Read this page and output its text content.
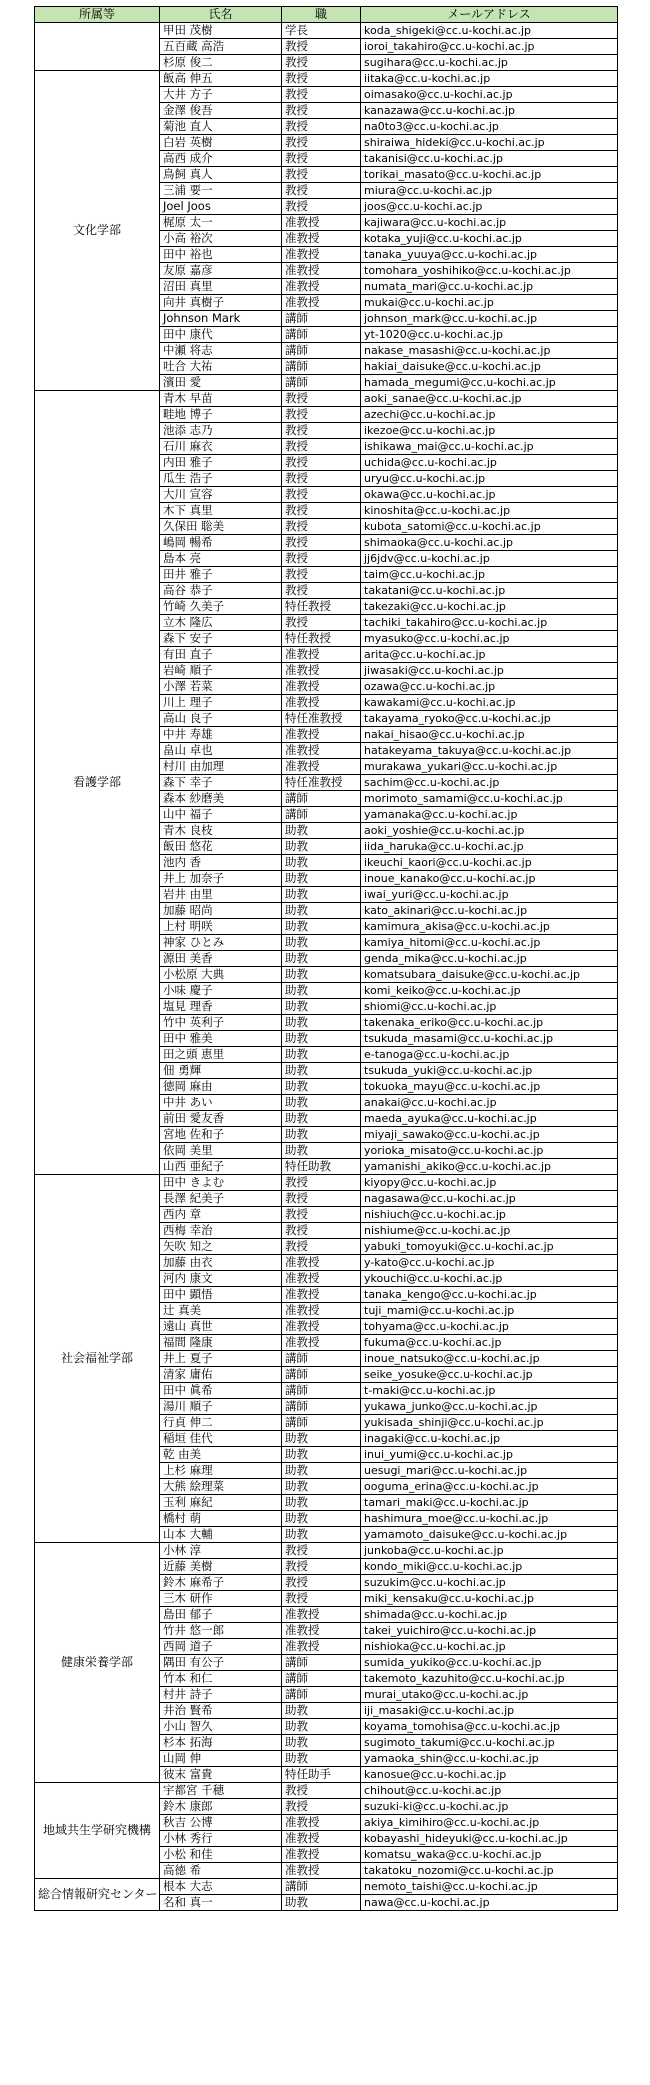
所属等	氏名	職	メールアドレス
	甲田 茂樹	学長	koda_shigeki@cc.u-kochi.ac.jp
	五百蔵 高浩	教授	ioroi_takahiro@cc.u-kochi.ac.jp
	杉原 俊二	教授	sugihara@cc.u-kochi.ac.jp
文化学部	飯高 伸五	教授	iitaka@cc.u-kochi.ac.jp
	大井 方子	教授	oimasako@cc.u-kochi.ac.jp
	金澤 俊吾	教授	kanazawa@cc.u-kochi.ac.jp
	菊池 直人	教授	na0to3@cc.u-kochi.ac.jp
	白岩 英樹	教授	shiraiwa_hideki@cc.u-kochi.ac.jp
	高西 成介	教授	takanisi@cc.u-kochi.ac.jp
	鳥飼 真人	教授	torikai_masato@cc.u-kochi.ac.jp
	三浦 要一	教授	miura@cc.u-kochi.ac.jp
	Joel Joos	教授	joos@cc.u-kochi.ac.jp
	梶原 太一	准教授	kajiwara@cc.u-kochi.ac.jp
	小高 裕次	准教授	kotaka_yuji@cc.u-kochi.ac.jp
	田中 裕也	准教授	tanaka_yuuya@cc.u-kochi.ac.jp
	友原 嘉彦	准教授	tomohara_yoshihiko@cc.u-kochi.ac.jp
	沼田 真里	准教授	numata_mari@cc.u-kochi.ac.jp
	向井 真樹子	准教授	mukai@cc.u-kochi.ac.jp
	Johnson Mark	講師	johnson_mark@cc.u-kochi.ac.jp
	田中 康代	講師	yt-1020@cc.u-kochi.ac.jp
	中瀬 将志	講師	nakase_masashi@cc.u-kochi.ac.jp
	吐合 大祐	講師	hakiai_daisuke@cc.u-kochi.ac.jp
	濱田 愛	講師	hamada_megumi@cc.u-kochi.ac.jp
看護学部	青木 早苗	教授	aoki_sanae@cc.u-kochi.ac.jp
	畦地 博子	教授	azechi@cc.u-kochi.ac.jp
	池添 志乃	教授	ikezoe@cc.u-kochi.ac.jp
	石川 麻衣	教授	ishikawa_mai@cc.u-kochi.ac.jp
	内田 雅子	教授	uchida@cc.u-kochi.ac.jp
	瓜生 浩子	教授	uryu@cc.u-kochi.ac.jp
	大川 宣容	教授	okawa@cc.u-kochi.ac.jp
	木下 真里	教授	kinoshita@cc.u-kochi.ac.jp
	久保田 聡美	教授	kubota_satomi@cc.u-kochi.ac.jp
	嶋岡 暢希	教授	shimaoka@cc.u-kochi.ac.jp
	島本 亮	教授	jj6jdv@cc.u-kochi.ac.jp
	田井 雅子	教授	taim@cc.u-kochi.ac.jp
	高谷 恭子	教授	takatani@cc.u-kochi.ac.jp
	竹崎 久美子	特任教授	takezaki@cc.u-kochi.ac.jp
	立木 隆広	教授	tachiki_takahiro@cc.u-kochi.ac.jp
	森下 安子	特任教授	myasuko@cc.u-kochi.ac.jp
	有田 直子	准教授	arita@cc.u-kochi.ac.jp
	岩崎 順子	准教授	jiwasaki@cc.u-kochi.ac.jp
	小澤 若菜	准教授	ozawa@cc.u-kochi.ac.jp
	川上 理子	准教授	kawakami@cc.u-kochi.ac.jp
	高山 良子	特任准教授	takayama_ryoko@cc.u-kochi.ac.jp
	中井 寿雄	准教授	nakai_hisao@cc.u-kochi.ac.jp
	畠山 卓也	准教授	hatakeyama_takuya@cc.u-kochi.ac.jp
	村川 由加理	准教授	murakawa_yukari@cc.u-kochi.ac.jp
	森下 幸子	特任准教授	sachim@cc.u-kochi.ac.jp
	森本 紗磨美	講師	morimoto_samami@cc.u-kochi.ac.jp
	山中 福子	講師	yamanaka@cc.u-kochi.ac.jp
	青木 良枝	助教	aoki_yoshie@cc.u-kochi.ac.jp
	飯田 悠花	助教	iida_haruka@cc.u-kochi.ac.jp
	池内 香	助教	ikeuchi_kaori@cc.u-kochi.ac.jp
	井上 加奈子	助教	inoue_kanako@cc.u-kochi.ac.jp
	岩井 由里	助教	iwai_yuri@cc.u-kochi.ac.jp
	加藤 昭尚	助教	kato_akinari@cc.u-kochi.ac.jp
	上村 明咲	助教	kamimura_akisa@cc.u-kochi.ac.jp
	神家 ひとみ	助教	kamiya_hitomi@cc.u-kochi.ac.jp
	源田 美香	助教	genda_mika@cc.u-kochi.ac.jp
	小松原 大典	助教	komatsubara_daisuke@cc.u-kochi.ac.jp
	小味 慶子	助教	komi_keiko@cc.u-kochi.ac.jp
	塩見 理香	助教	shiomi@cc.u-kochi.ac.jp
	竹中 英利子	助教	takenaka_eriko@cc.u-kochi.ac.jp
	田中 雅美	助教	tsukuda_masami@cc.u-kochi.ac.jp
	田之頭 恵里	助教	e-tanoga@cc.u-kochi.ac.jp
	佃 勇輝	助教	tsukuda_yuki@cc.u-kochi.ac.jp
	徳岡 麻由	助教	tokuoka_mayu@cc.u-kochi.ac.jp
	中井 あい	助教	anakai@cc.u-kochi.ac.jp
	前田 愛友香	助教	maeda_ayuka@cc.u-kochi.ac.jp
	宮地 佐和子	助教	miyaji_sawako@cc.u-kochi.ac.jp
	依岡 美里	助教	yorioka_misato@cc.u-kochi.ac.jp
	山西 亜紀子	特任助教	yamanishi_akiko@cc.u-kochi.ac.jp
社会福祉学部	田中 きよむ	教授	kiyopy@cc.u-kochi.ac.jp
	長澤 紀美子	教授	nagasawa@cc.u-kochi.ac.jp
	西内 章	教授	nishiuch@cc.u-kochi.ac.jp
	西梅 幸治	教授	nishiume@cc.u-kochi.ac.jp
	矢吹 知之	教授	yabuki_tomoyuki@cc.u-kochi.ac.jp
	加藤 由衣	准教授	y-kato@cc.u-kochi.ac.jp
	河内 康文	准教授	ykouchi@cc.u-kochi.ac.jp
	田中 顕悟	准教授	tanaka_kengo@cc.u-kochi.ac.jp
	辻 真美	准教授	tuji_mami@cc.u-kochi.ac.jp
	遠山 真世	准教授	tohyama@cc.u-kochi.ac.jp
	福間 隆康	准教授	fukuma@cc.u-kochi.ac.jp
	井上 夏子	講師	inoue_natsuko@cc.u-kochi.ac.jp
	清家 庸佑	講師	seike_yosuke@cc.u-kochi.ac.jp
	田中 眞希	講師	t-maki@cc.u-kochi.ac.jp
	湯川 順子	講師	yukawa_junko@cc.u-kochi.ac.jp
	行貞 伸二	講師	yukisada_shinji@cc.u-kochi.ac.jp
	稲垣 佳代	助教	inagaki@cc.u-kochi.ac.jp
	乾 由美	助教	inui_yumi@cc.u-kochi.ac.jp
	上杉 麻理	助教	uesugi_mari@cc.u-kochi.ac.jp
	大熊 絵理菜	助教	ooguma_erina@cc.u-kochi.ac.jp
	玉利 麻紀	助教	tamari_maki@cc.u-kochi.ac.jp
	橋村 萌	助教	hashimura_moe@cc.u-kochi.ac.jp
	山本 大輔	助教	yamamoto_daisuke@cc.u-kochi.ac.jp
健康栄養学部	小林 淳	教授	junkoba@cc.u-kochi.ac.jp
	近藤 美樹	教授	kondo_miki@cc.u-kochi.ac.jp
	鈴木 麻希子	教授	suzukim@cc.u-kochi.ac.jp
	三木 研作	教授	miki_kensaku@cc.u-kochi.ac.jp
	島田 郁子	准教授	shimada@cc.u-kochi.ac.jp
	竹井 悠一郎	准教授	takei_yuichiro@cc.u-kochi.ac.jp
	西岡 道子	准教授	nishioka@cc.u-kochi.ac.jp
	隅田 有公子	講師	sumida_yukiko@cc.u-kochi.ac.jp
	竹本 和仁	講師	takemoto_kazuhito@cc.u-kochi.ac.jp
	村井 詩子	講師	murai_utako@cc.u-kochi.ac.jp
	井治 賢希	助教	iji_masaki@cc.u-kochi.ac.jp
	小山 智久	助教	koyama_tomohisa@cc.u-kochi.ac.jp
	杉本 拓海	助教	sugimoto_takumi@cc.u-kochi.ac.jp
	山岡 伸	助教	yamaoka_shin@cc.u-kochi.ac.jp
	彼末 富貴	特任助手	kanosue@cc.u-kochi.ac.jp
地域共生学研究機構	宇都宮 千穂	教授	chihout@cc.u-kochi.ac.jp
	鈴木 康郎	教授	suzuki-ki@cc.u-kochi.ac.jp
	秋吉 公博	准教授	akiya_kimihiro@cc.u-kochi.ac.jp
	小林 秀行	准教授	kobayashi_hideyuki@cc.u-kochi.ac.jp
	小松 和佳	准教授	komatsu_waka@cc.u-kochi.ac.jp
	高徳 希	准教授	takatoku_nozomi@cc.u-kochi.ac.jp
総合情報研究センター	根本 大志	講師	nemoto_taishi@cc.u-kochi.ac.jp
	名和 真一	助教	nawa@cc.u-kochi.ac.jp
